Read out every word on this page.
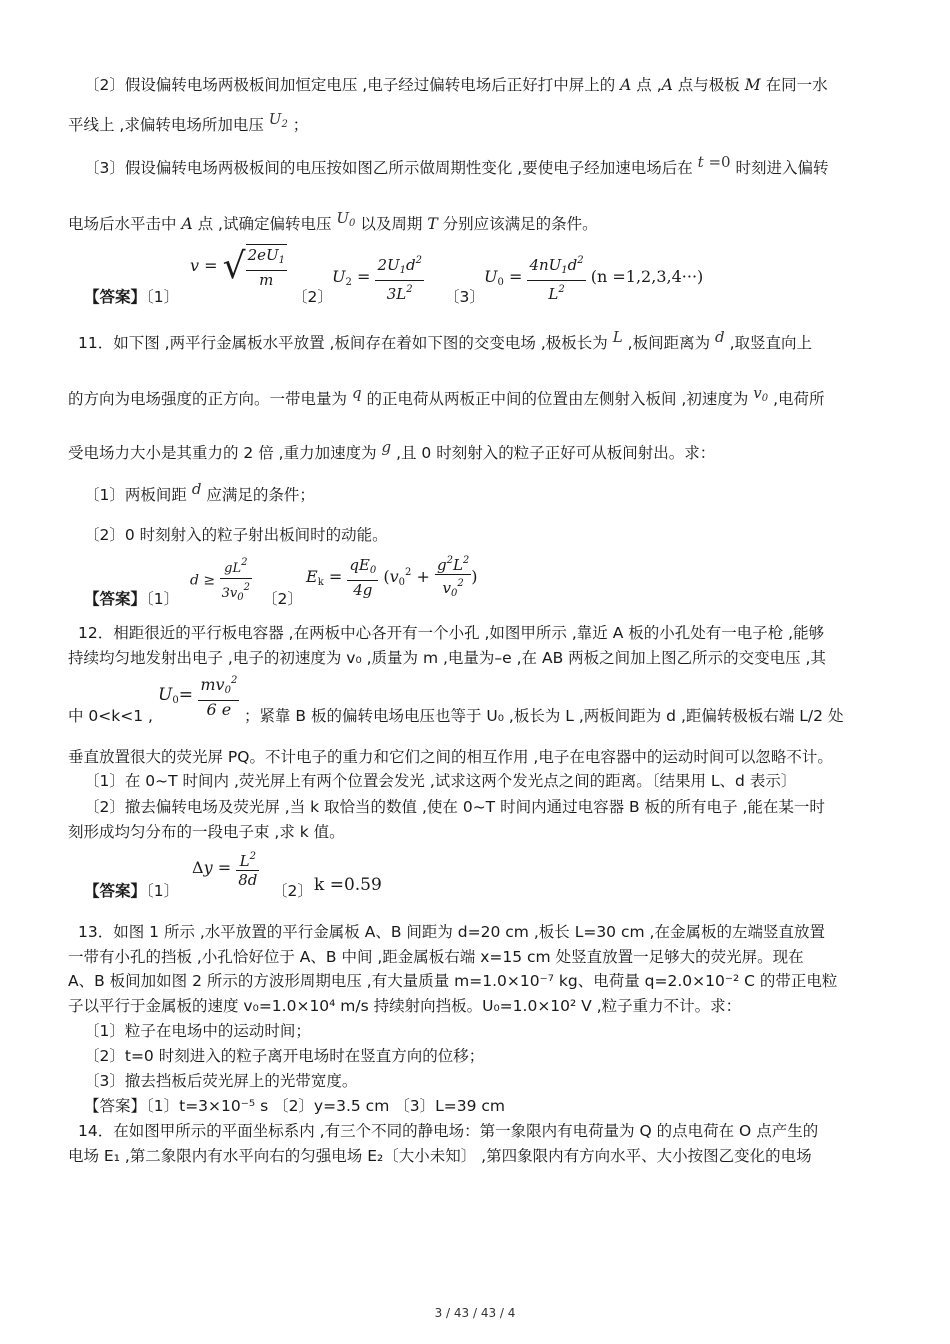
〔2〕假设偏转电场两极板间加恒定电压 ,电子经过偏转电场后正好打中屏上的 A 点 ,A 点与极板 M 在同一水
平线上 ,求偏转电场所加电压 $U_2$ ；
〔3〕假设偏转电场两极板间的电压按如图乙所示做周期性变化 ,要使电子经加速电场后在 t =0 时刻进入偏转
电场后水平击中 A 点 ,试确定偏转电压 $U_0$ 以及周期 T 分别应该满足的条件。
【答案】〔1〕
v = √ $\frac{2eU_1}{m}$
〔2〕
$U_2 = \frac{2U_1d^2}{3L^2}$ 〔3〕
$U_0 = \frac{4nU_1d^2}{L^2} (n =1,2,3,4\cdot\cdot\cdot)$
11．如下图 ,两平行金属板水平放置 ,板间存在着如下图的交变电场 ,极板长为 L ,板间距离为 d ,取竖直向上
的方向为电场强度的正方向。一带电量为 q 的正电荷从两板正中间的位置由左侧射入板间 ,初速度为 $v_0$ ,电荷所
受电场力大小是其重力的 2 倍 ,重力加速度为 g ,且 0 时刻射入的粒子正好可从板间射出。求：
〔1〕两板间距 d 应满足的条件；
〔2〕0 时刻射入的粒子射出板间时的动能。
【答案】〔1〕
$d \ge \frac{gL^2}{3v_0^2}$ 〔2〕
$E_k = \frac{qE_0}{4g} (v_0^2 + \frac{g^2L^2}{v_0^2}$ )
12．相距很近的平行板电容器 ,在两板中心各开有一个小孔 ,如图甲所示 ,靠近 A 板的小孔处有一电子枪 ,能够
持续均匀地发射出电子 ,电子的初速度为 v₀ ,质量为 m ,电量为–e ,在 AB 两板之间加上图乙所示的交变电压 ,其
中 0<k<1 ,
$U_0= \frac{mv_0^2}{6 e}$ ；紧靠 B 板的偏转电场电压也等于 U₀ ,板长为 L ,两板间距为 d ,距偏转极板右端 L/2 处
垂直放置很大的荧光屏 PQ。不计电子的重力和它们之间的相互作用 ,电子在电容器中的运动时间可以忽略不计。
〔1〕在 0~T 时间内 ,荧光屏上有两个位置会发光 ,试求这两个发光点之间的距离。〔结果用 L、d 表示〕
〔2〕撤去偏转电场及荧光屏 ,当 k 取恰当的数值 ,使在 0~T 时间内通过电容器 B 板的所有电子 ,能在某一时
刻形成均匀分布的一段电子束 ,求 k 值。
【答案】〔1〕
$\Delta y = \frac{L^2}{8d}$
〔2〕 k =0.59
13．如图 1 所示 ,水平放置的平行金属板 A、B 间距为 d=20 cm ,板长 L=30 cm ,在金属板的左端竖直放置
一带有小孔的挡板 ,小孔恰好位于 A、B 中间 ,距金属板右端 x=15 cm 处竖直放置一足够大的荧光屏。现在
A、B 板间加如图 2 所示的方波形周期电压 ,有大量质量 m=1.0×10⁻⁷ kg、电荷量 q=2.0×10⁻² C 的带正电粒
子以平行于金属板的速度 v₀=1.0×10⁴ m/s 持续射向挡板。U₀=1.0×10² V ,粒子重力不计。求：
〔1〕粒子在电场中的运动时间；
〔2〕t=0 时刻进入的粒子离开电场时在竖直方向的位移；
〔3〕撤去挡板后荧光屏上的光带宽度。
【答案】〔1〕t=3×10⁻⁵ s 〔2〕y=3.5 cm 〔3〕L=39 cm
14．在如图甲所示的平面坐标系内 ,有三个不同的静电场：第一象限内有电荷量为 Q 的点电荷在 O 点产生的
电场 E₁ ,第二象限内有水平向右的匀强电场 E₂〔大小未知〕 ,第四象限内有方向水平、大小按图乙变化的电场
3 / 43 / 43 / 4
